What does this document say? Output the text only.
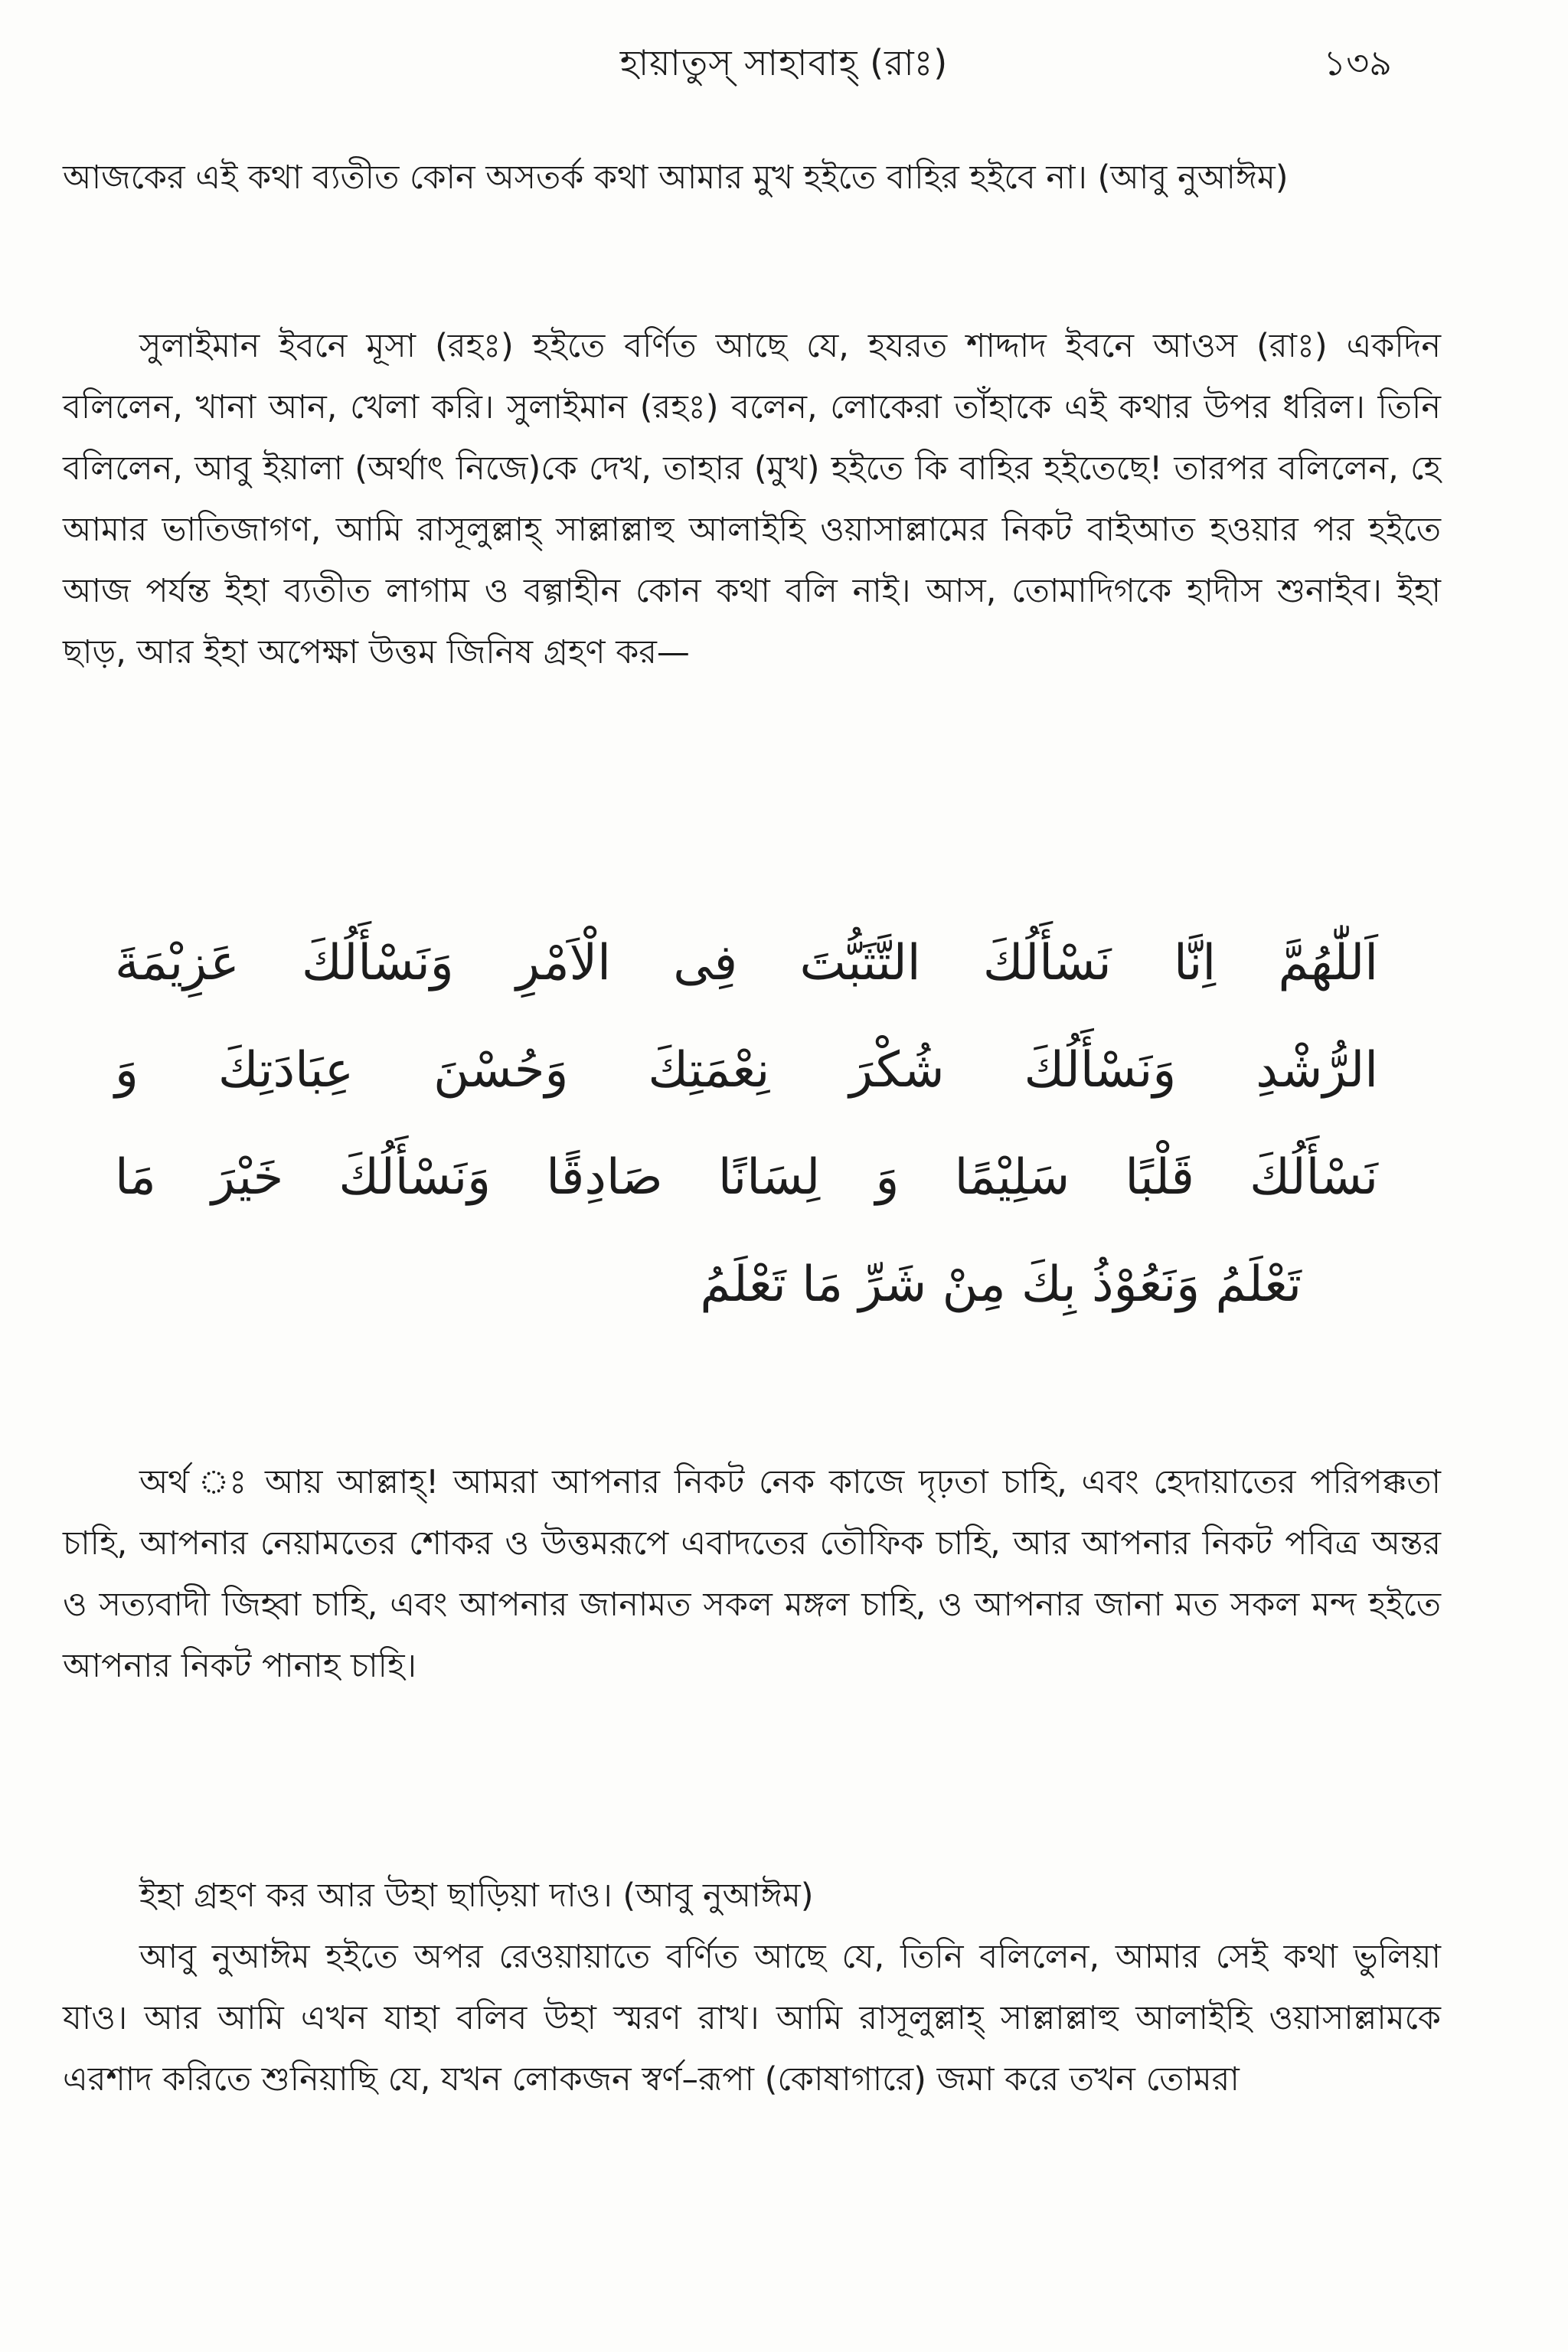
হায়াতুস্ সাহাবাহ্ (রাঃ)	১৩৯

আজকের এই কথা ব্যতীত কোন অসতর্ক কথা আমার মুখ হইতে বাহির হইবে না। (আবু নুআঈম)

সুলাইমান ইবনে মূসা (রহঃ) হইতে বর্ণিত আছে যে, হযরত শাদ্দাদ ইবনে আওস (রাঃ) একদিন বলিলেন, খানা আন, খেলা করি। সুলাইমান (রহঃ) বলেন, লোকেরা তাঁহাকে এই কথার উপর ধরিল। তিনি বলিলেন, আবু ইয়ালা (অর্থাৎ নিজে)কে দেখ, তাহার (মুখ) হইতে কি বাহির হইতেছে! তারপর বলিলেন, হে আমার ভাতিজাগণ, আমি রাসূলুল্লাহ্ সাল্লাল্লাহু আলাইহি ওয়াসাল্লামের নিকট বাইআত হওয়ার পর হইতে আজ পর্যন্ত ইহা ব্যতীত লাগাম ও বল্গাহীন কোন কথা বলি নাই। আস, তোমাদিগকে হাদীস শুনাইব। ইহা ছাড়, আর ইহা অপেক্ষা উত্তম জিনিষ গ্রহণ কর—

اَللّٰهُمَّ اِنَّا نَسْأَلُكَ التَّثَبُّتَ فِى الْاَمْرِ وَنَسْأَلُكَ عَزِيْمَةَ
الرُّشْدِ وَنَسْأَلُكَ شُكْرَ نِعْمَتِكَ وَحُسْنَ عِبَادَتِكَ وَ
نَسْأَلُكَ قَلْبًا سَلِيْمًا وَ لِسَانًا صَادِقًا وَنَسْأَلُكَ خَيْرَ مَا
تَعْلَمُ وَنَعُوْذُ بِكَ مِنْ شَرِّ مَا تَعْلَمُ

অর্থ ঃ আয় আল্লাহ্! আমরা আপনার নিকট নেক কাজে দৃঢ়তা চাহি, এবং হেদায়াতের পরিপক্কতা চাহি, আপনার নেয়ামতের শোকর ও উত্তমরূপে এবাদতের তৌফিক চাহি, আর আপনার নিকট পবিত্র অন্তর ও সত্যবাদী জিহ্বা চাহি, এবং আপনার জানামত সকল মঙ্গল চাহি, ও আপনার জানা মত সকল মন্দ হইতে আপনার নিকট পানাহ চাহি।

ইহা গ্রহণ কর আর উহা ছাড়িয়া দাও। (আবু নুআঈম)

আবু নুআঈম হইতে অপর রেওয়ায়াতে বর্ণিত আছে যে, তিনি বলিলেন, আমার সেই কথা ভুলিয়া যাও। আর আমি এখন যাহা বলিব উহা স্মরণ রাখ। আমি রাসূলুল্লাহ্ সাল্লাল্লাহু আলাইহি ওয়াসাল্লামকে এরশাদ করিতে শুনিয়াছি যে, যখন লোকজন স্বর্ণ–রূপা (কোষাগারে) জমা করে তখন তোমরা
